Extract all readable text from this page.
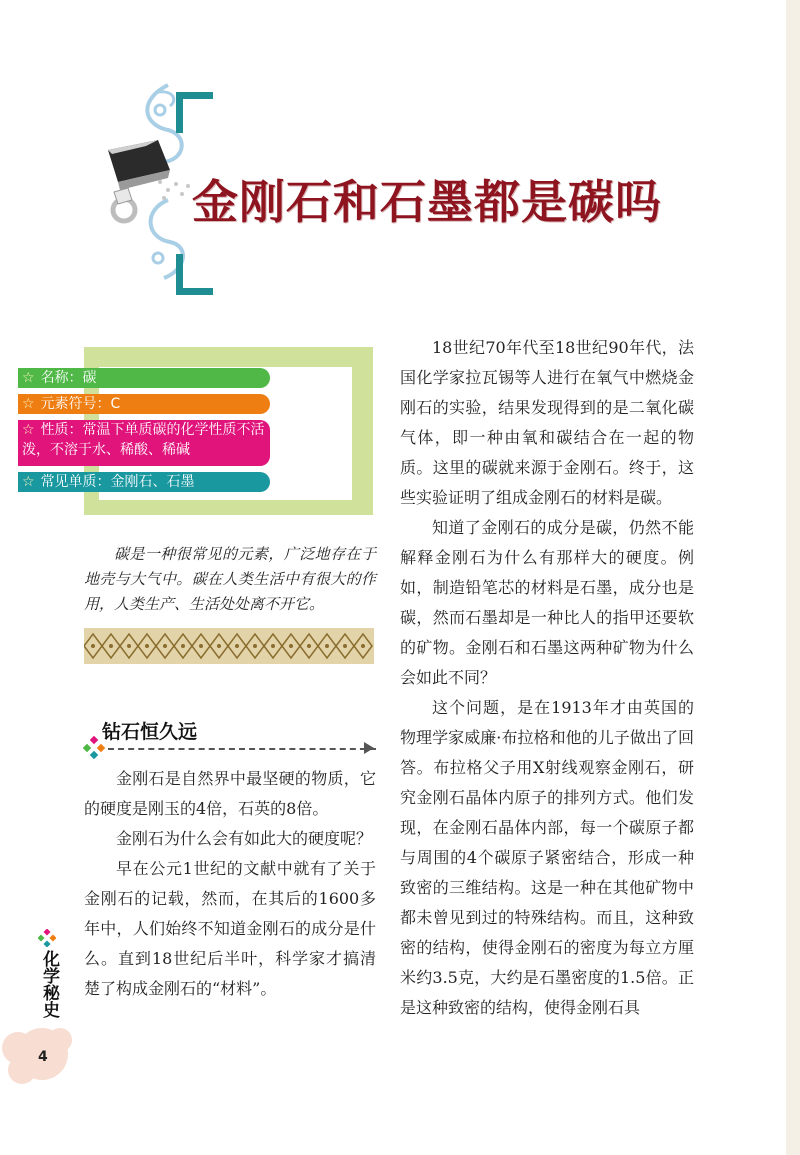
金刚石和石墨都是碳吗
☆ 名称：碳
☆ 元素符号：C
☆ 性质：常温下单质碳的化学性质不活泼，不溶于水、稀酸、稀碱
☆ 常见单质：金刚石、石墨

碳是一种很常见的元素，广泛地存在于地壳与大气中。碳在人类生活中有很大的作用，人类生产、生活处处离不开它。

钻石恒久远

金刚石是自然界中最坚硬的物质，它的硬度是刚玉的4倍，石英的8倍。

金刚石为什么会有如此大的硬度呢？

早在公元1世纪的文献中就有了关于金刚石的记载，然而，在其后的1600多年中，人们始终不知道金刚石的成分是什么。直到18世纪后半叶，科学家才搞清楚了构成金刚石的“材料”。

18世纪70年代至18世纪90年代，法国化学家拉瓦锡等人进行在氧气中燃烧金刚石的实验，结果发现得到的是二氧化碳气体，即一种由氧和碳结合在一起的物质。这里的碳就来源于金刚石。终于，这些实验证明了组成金刚石的材料是碳。

知道了金刚石的成分是碳，仍然不能解释金刚石为什么有那样大的硬度。例如，制造铅笔芯的材料是石墨，成分也是碳，然而石墨却是一种比人的指甲还要软的矿物。金刚石和石墨这两种矿物为什么会如此不同？

这个问题，是在1913年才由英国的物理学家威廉·布拉格和他的儿子做出了回答。布拉格父子用X射线观察金刚石，研究金刚石晶体内原子的排列方式。他们发现，在金刚石晶体内部，每一个碳原子都与周围的4个碳原子紧密结合，形成一种致密的三维结构。这是一种在其他矿物中都未曾见到过的特殊结构。而且，这种致密的结构，使得金刚石的密度为每立方厘米约3.5克，大约是石墨密度的1.5倍。正是这种致密的结构，使得金刚石具

化学秘史

4
